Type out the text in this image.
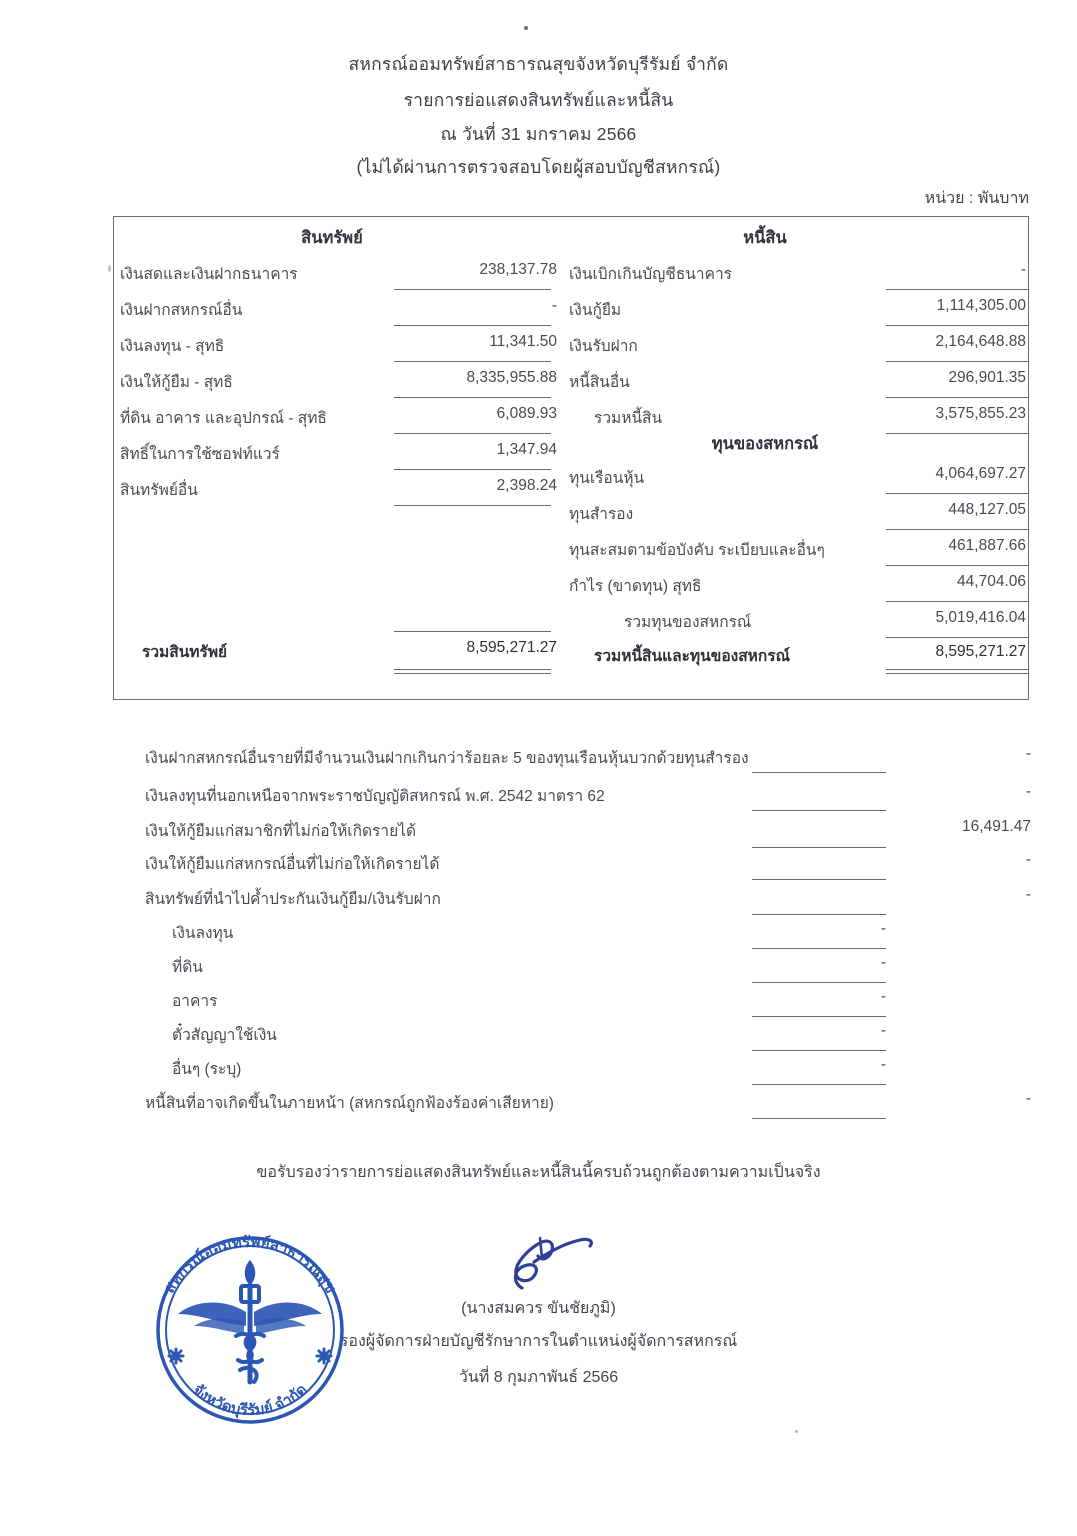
สหกรณ์ออมทรัพย์สาธารณสุขจังหวัดบุรีรัมย์ จำกัด
รายการย่อแสดงสินทรัพย์และหนี้สิน
ณ วันที่ 31 มกราคม 2566
(ไม่ได้ผ่านการตรวจสอบโดยผู้สอบบัญชีสหกรณ์)
หน่วย : พันบาท
สินทรัพย์	หนี้สิน
ทุนของสหกรณ์
เงินสดและเงินฝากธนาคาร	238,137.78
เงินฝากสหกรณ์อื่น	-
เงินลงทุน - สุทธิ	11,341.50
เงินให้กู้ยืม - สุทธิ	8,335,955.88
ที่ดิน อาคาร และอุปกรณ์ - สุทธิ	6,089.93
สิทธิ์ในการใช้ซอฟท์แวร์	1,347.94
สินทรัพย์อื่น	2,398.24
รวมสินทรัพย์	8,595,271.27
เงินเบิกเกินบัญชีธนาคาร	-
เงินกู้ยืม	1,114,305.00
เงินรับฝาก	2,164,648.88
หนี้สินอื่น	296,901.35
รวมหนี้สิน	3,575,855.23
ทุนเรือนหุ้น	4,064,697.27
ทุนสำรอง	448,127.05
ทุนสะสมตามข้อบังคับ ระเบียบและอื่นๆ	461,887.66
กำไร (ขาดทุน) สุทธิ	44,704.06
รวมทุนของสหกรณ์	5,019,416.04
รวมหนี้สินและทุนของสหกรณ์	8,595,271.27
เงินฝากสหกรณ์อื่นรายที่มีจำนวนเงินฝากเกินกว่าร้อยละ 5 ของทุนเรือนหุ้นบวกด้วยทุนสำรอง	-
เงินลงทุนที่นอกเหนือจากพระราชบัญญัติสหกรณ์ พ.ศ. 2542 มาตรา 62	-
เงินให้กู้ยืมแก่สมาชิกที่ไม่ก่อให้เกิดรายได้	16,491.47
เงินให้กู้ยืมแก่สหกรณ์อื่นที่ไม่ก่อให้เกิดรายได้	-
สินทรัพย์ที่นำไปค้ำประกันเงินกู้ยืม/เงินรับฝาก	-
เงินลงทุน	-
ที่ดิน	-
อาคาร	-
ตั๋วสัญญาใช้เงิน	-
อื่นๆ (ระบุ)	-
หนี้สินที่อาจเกิดขึ้นในภายหน้า (สหกรณ์ถูกฟ้องร้องค่าเสียหาย)	-
ขอรับรองว่ารายการย่อแสดงสินทรัพย์และหนี้สินนี้ครบถ้วนถูกต้องตามความเป็นจริง
(นางสมควร ขันชัยภูมิ)
รองผู้จัดการฝ่ายบัญชีรักษาการในตำแหน่งผู้จัดการสหกรณ์
วันที่ 8 กุมภาพันธ์ 2566
สหกรณ์ออมทรัพย์สาธารณสุข
จังหวัดบุรีรัมย์ จำกัด
